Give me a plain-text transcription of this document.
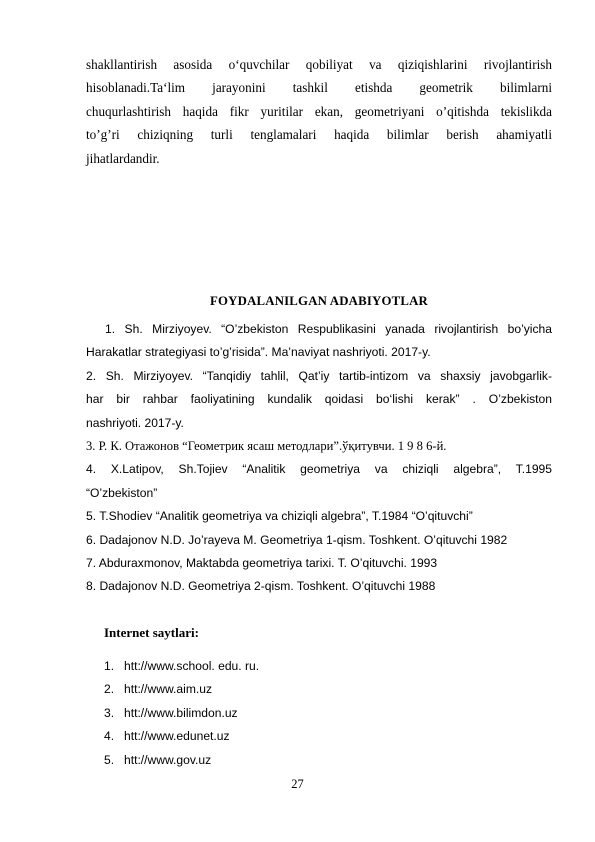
shakllantirish asosida o‘quvchilar qobiliyat va qiziqishlarini rivojlantirish
hisoblanadi.Ta‘lim jarayonini tashkil etishda geometrik bilimlarni
chuqurlashtirish haqida fikr yuritilar ekan, geometriyani o’qitishda tekislikda
to’g’ri chiziqning turli tenglamalari haqida bilimlar berish ahamiyatli
jihatlardandir.
FOYDALANILGAN ADABIYOTLAR
1. Sh. Mirziyoyev. “O’zbekiston Respublikasini yanada rivojlantirish bo’yicha
Harakatlar strategiyasi to’g’risida”. Ma’naviyat nashriyoti. 2017-y.
2. Sh. Mirziyoyev. “Tanqidiy tahlil, Qat’iy tartib-intizom va shaxsiy javobgarlik-
har bir rahbar faoliyatining kundalik qoidasi bo‘lishi kerak” . O’zbekiston
nashriyoti. 2017-y.
3. Р. К. Отажонов “Геометрик ясаш методлари”.ўқитувчи. 1 9 8 6-й.
4. X.Latipov, Sh.Tojiev “Analitik geometriya va chiziqli algebra”, T.1995
“O’zbekiston”
5. T.Shodiev “Analitik geometriya va chiziqli algebra”, T.1984 “O’qituvchi”
6. Dadajonov N.D. Jo’rayeva M. Geometriya 1-qism. Toshkent. O’qituvchi 1982
7. Abduraxmonov, Maktabda geometriya tarixi. T. O’qituvchi. 1993
8. Dadajonov N.D. Geometriya 2-qism. Toshkent. O’qituvchi 1988
Internet saytlari:
1. htt://www.school. edu. ru.
2. htt://www.aim.uz
3. htt://www.bilimdon.uz
4. htt://www.edunet.uz
5. htt://www.gov.uz
27
